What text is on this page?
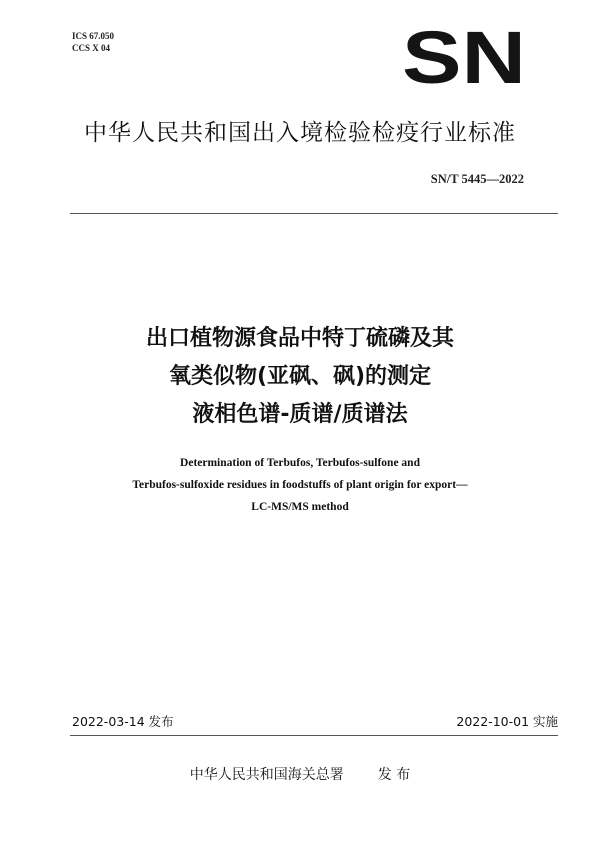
ICS 67.050
CCS X 04	SN
中华人民共和国出入境检验检疫行业标准
SN/T 5445—2022
出口植物源食品中特丁硫磷及其
氧类似物(亚砜、砜)的测定
液相色谱-质谱/质谱法
Determination of Terbufos, Terbufos-sulfone and
Terbufos-sulfoxide residues in foodstuffs of plant origin for export—
LC-MS/MS method
2022-03-14 发布	2022-10-01 实施
中华人民共和国海关总署 发 布
